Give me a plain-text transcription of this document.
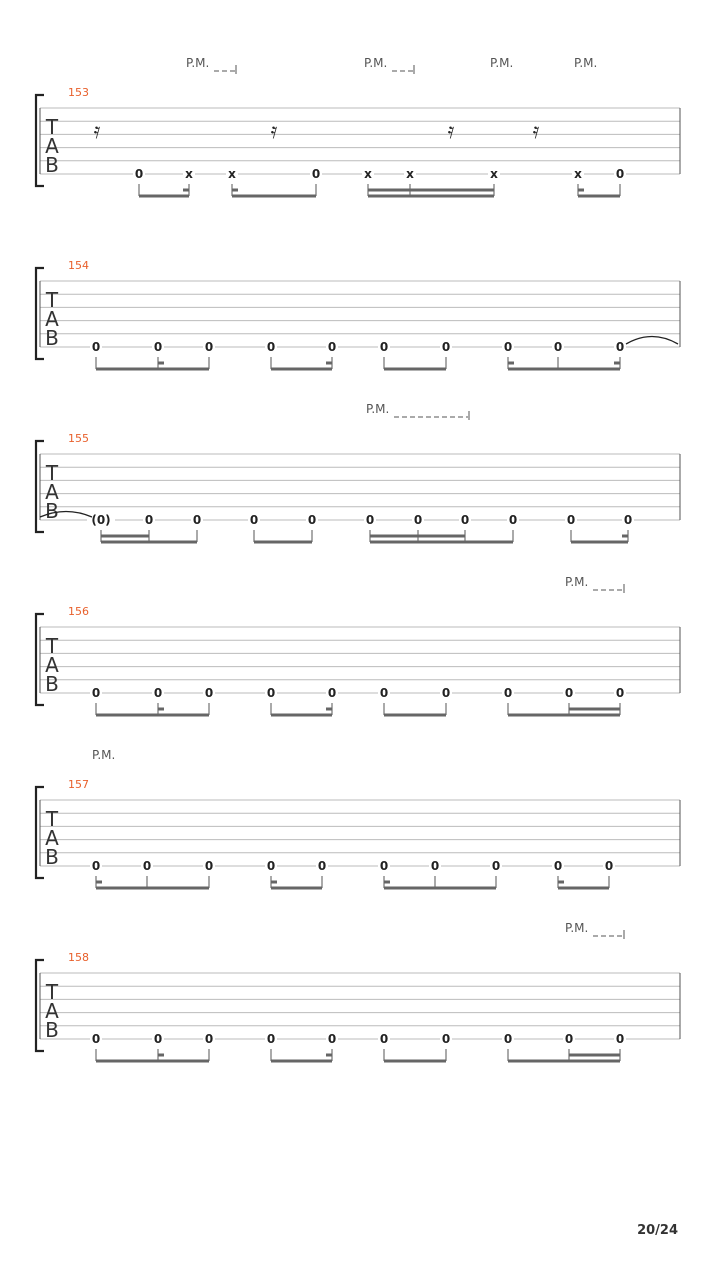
153
T
A
B
P.M.	P.M.	P.M.	P.M.
𝄿	𝄿	𝄿	𝄿
0	x	x	0	x	x	x	x	0
154
T
A
B	0	0	0	0	0	0	0	0	0	0
155
T
A
B
P.M.
(0)	0	0	0	0	0	0	0	0	0	0
156
T
A
B
P.M.
0	0	0	0	0	0	0	0	0	0
157
T
A
B
P.M.
0	0	0	0	0	0	0	0	0	0
158
T
A
B
P.M.
0	0	0	0	0	0	0	0	0	0
20/24
